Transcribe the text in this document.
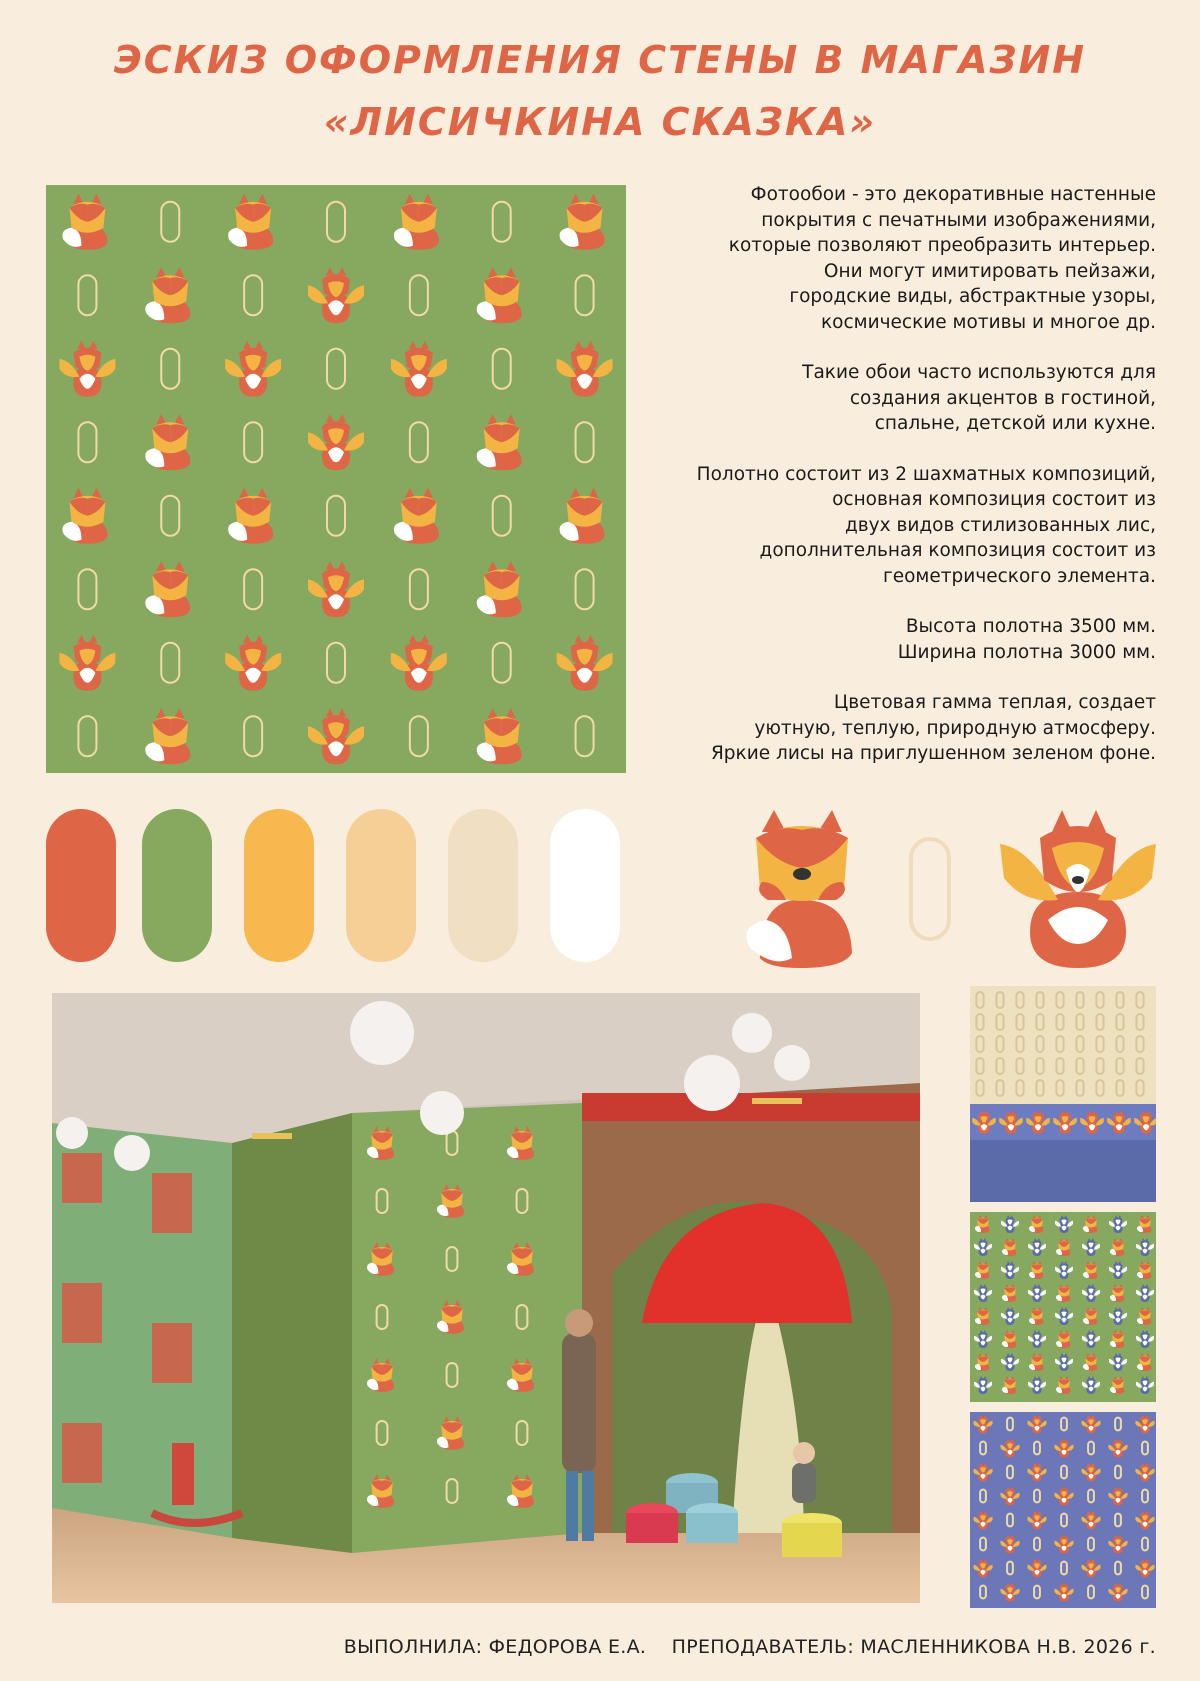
ЭСКИЗ ОФОРМЛЕНИЯ СТЕНЫ В МАГАЗИН
«ЛИСИЧКИНА СКАЗКА»

Фотообои - это декоративные настенные
покрытия с печатными изображениями,
которые позволяют преобразить интерьер.
Они могут имитировать пейзажи,
городские виды, абстрактные узоры,
космические мотивы и многое др.

Такие обои часто используются для
создания акцентов в гостиной,
спальне, детской или кухне.

Полотно состоит из 2 шахматных композиций,
основная композиция состоит из
двух видов стилизованных лис,
дополнительная композиция состоит из
геометрического элемента.

Высота полотна 3500 мм.
Ширина полотна 3000 мм.

Цветовая гамма теплая, создает
уютную, теплую, природную атмосферу.
Яркие лисы на приглушенном зеленом фоне.

ВЫПОЛНИЛА: ФЕДОРОВА Е.А. ПРЕПОДАВАТЕЛЬ: МАСЛЕННИКОВА Н.В. 2026 г.
